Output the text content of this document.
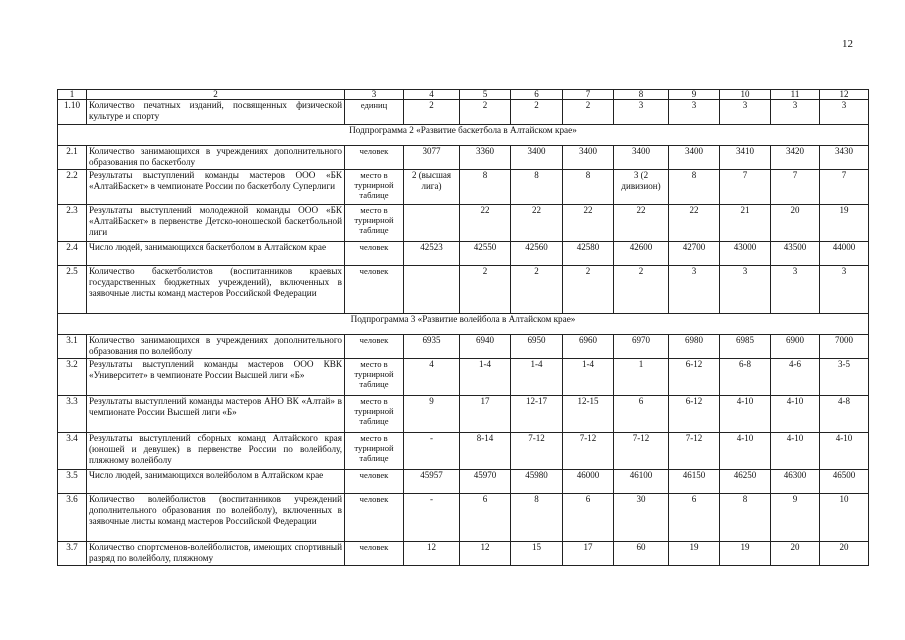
12
1	2	3	4	5	6	7	8	9	10	11	12
1.10	Количество печатных изданий, посвященных физической культуре и спорту	единиц	2	2	2	2	3	3	3	3	3
Подпрограмма 2 «Развитие баскетбола в Алтайском крае»											
2.1	Количество занимающихся в учреждениях дополнительного образования по баскетболу	человек	3077	3360	3400	3400	3400	3400	3410	3420	3430
2.2	Результаты выступлений команды мастеров ООО «БК «АлтайБаскет» в чемпионате России по баскетболу Суперлиги	место в турнирной таблице	2 (высшая лига)	8	8	8	3 (2 дивизион)	8	7	7	7
2.3	Результаты выступлений молодежной команды ООО «БК «АлтайБаскет» в первенстве Детско-юношеской баскетбольной лиги	место в турнирной таблице		22	22	22	22	22	21	20	19
2.4	Число людей, занимающихся баскетболом в Алтайском крае	человек	42523	42550	42560	42580	42600	42700	43000	43500	44000
2.5	Количество баскетболистов (воспитанников краевых государственных бюджетных учреждений), включенных в заявочные листы команд мастеров Российской Федерации	человек		2	2	2	2	3	3	3	3
Подпрограмма 3 «Развитие волейбола в Алтайском крае»											
3.1	Количество занимающихся в учреждениях дополнительного образования по волейболу	человек	6935	6940	6950	6960	6970	6980	6985	6900	7000
3.2	Результаты выступлений команды мастеров ООО КВК «Университет» в чемпионате России Высшей лиги «Б»	место в турнирной таблице	4	1-4	1-4	1-4	1	6-12	6-8	4-6	3-5
3.3	Результаты выступлений команды мастеров АНО ВК «Алтай» в чемпионате России Высшей лиги «Б»	место в турнирной таблице	9	17	12-17	12-15	6	6-12	4-10	4-10	4-8
3.4	Результаты выступлений сборных команд Алтайского края (юношей и девушек) в первенстве России по волейболу, пляжному волейболу	место в турнирной таблице	-	8-14	7-12	7-12	7-12	7-12	4-10	4-10	4-10
3.5	Число людей, занимающихся волейболом в Алтайском крае	человек	45957	45970	45980	46000	46100	46150	46250	46300	46500
3.6	Количество волейболистов (воспитанников учреждений дополнительного образования по волейболу), включенных в заявочные листы команд мастеров Российской Федерации	человек	-	6	8	6	30	6	8	9	10
3.7	Количество спортсменов-волейболистов, имеющих спортивный разряд по волейболу, пляжному	человек	12	12	15	17	60	19	19	20	20
